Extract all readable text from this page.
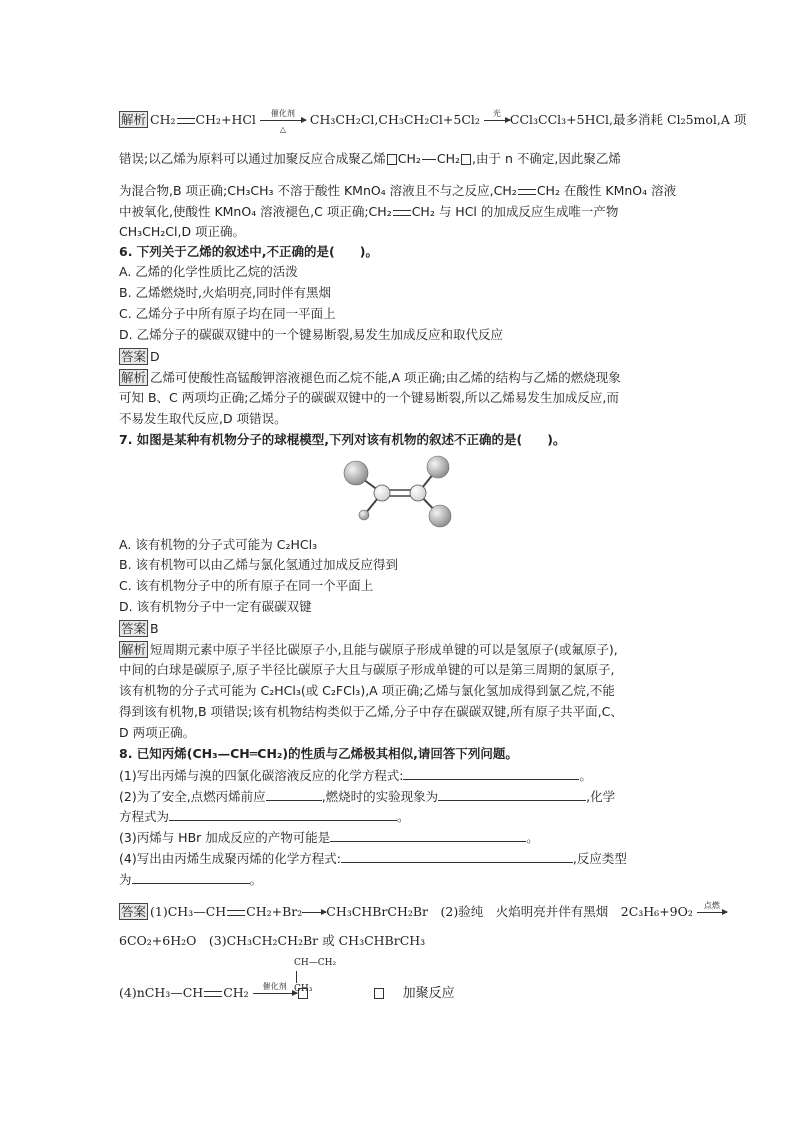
解析 CH₂ CH₂+HCl	催化剂
△
CH₃CH₂Cl,CH₃CH₂Cl+5Cl₂	光 CCl₃CCl₃+5HCl,最多消耗 Cl₂5mol,A 项
错误;以乙烯为原料可以通过加聚反应合成聚乙烯 CH₂ CH₂ ,由于 n 不确定,因此聚乙烯
为混合物,B 项正确;CH₃CH₃ 不溶于酸性 KMnO₄ 溶液且不与之反应,CH₂ CH₂ 在酸性 KMnO₄ 溶液
中被氧化,使酸性 KMnO₄ 溶液褪色,C 项正确;CH₂ CH₂ 与 HCl 的加成反应生成唯一产物
CH₃CH₂Cl,D 项正确。
6. 下列关于乙烯的叙述中,不正确的是(　　)。
A. 乙烯的化学性质比乙烷的活泼
B. 乙烯燃烧时,火焰明亮,同时伴有黑烟
C. 乙烯分子中所有原子均在同一平面上
D. 乙烯分子的碳碳双键中的一个键易断裂,易发生加成反应和取代反应
答案 D
解析 乙烯可使酸性高锰酸钾溶液褪色而乙烷不能,A 项正确;由乙烯的结构与乙烯的燃烧现象
可知 B、C 两项均正确;乙烯分子的碳碳双键中的一个键易断裂,所以乙烯易发生加成反应,而
不易发生取代反应,D 项错误。
7. 如图是某种有机物分子的球棍模型,下列对该有机物的叙述不正确的是(　　)。
A. 该有机物的分子式可能为 C₂HCl₃
B. 该有机物可以由乙烯与氯化氢通过加成反应得到
C. 该有机物分子中的所有原子在同一个平面上
D. 该有机物分子中一定有碳碳双键
答案 B
解析 短周期元素中原子半径比碳原子小,且能与碳原子形成单键的可以是氢原子(或氟原子),
中间的白球是碳原子,原子半径比碳原子大且与碳原子形成单键的可以是第三周期的氯原子,
该有机物的分子式可能为 C₂HCl₃(或 C₂FCl₃),A 项正确;乙烯与氯化氢加成得到氯乙烷,不能
得到该有机物,B 项错误;该有机物结构类似于乙烯,分子中存在碳碳双键,所有原子共平面,C、
D 两项正确。
8. 已知丙烯(CH₃—CH═CH₂)的性质与乙烯极其相似,请回答下列问题。
(1)写出丙烯与溴的四氯化碳溶液反应的化学方程式:	。
(2)为了安全,点燃丙烯前应	,燃烧时的实验现象为	,化学
方程式为	。
(3)丙烯与 HBr 加成反应的产物可能是	。
(4)写出由丙烯生成聚丙烯的化学方程式:	,反应类型
为	。
答案 (1)CH₃—CH CH₂+Br₂→CH₃CHBrCH₂Br　(2)验纯　火焰明亮并伴有黑烟　2C₃H₆+9O₂	点燃
6CO₂+6H₂O　(3)CH₃CH₂CH₂Br 或 CH₃CHBrCH₃
CH—CH₂
CH₃
(4)nCH₃—CH CH₂	催化剂	加聚反应
